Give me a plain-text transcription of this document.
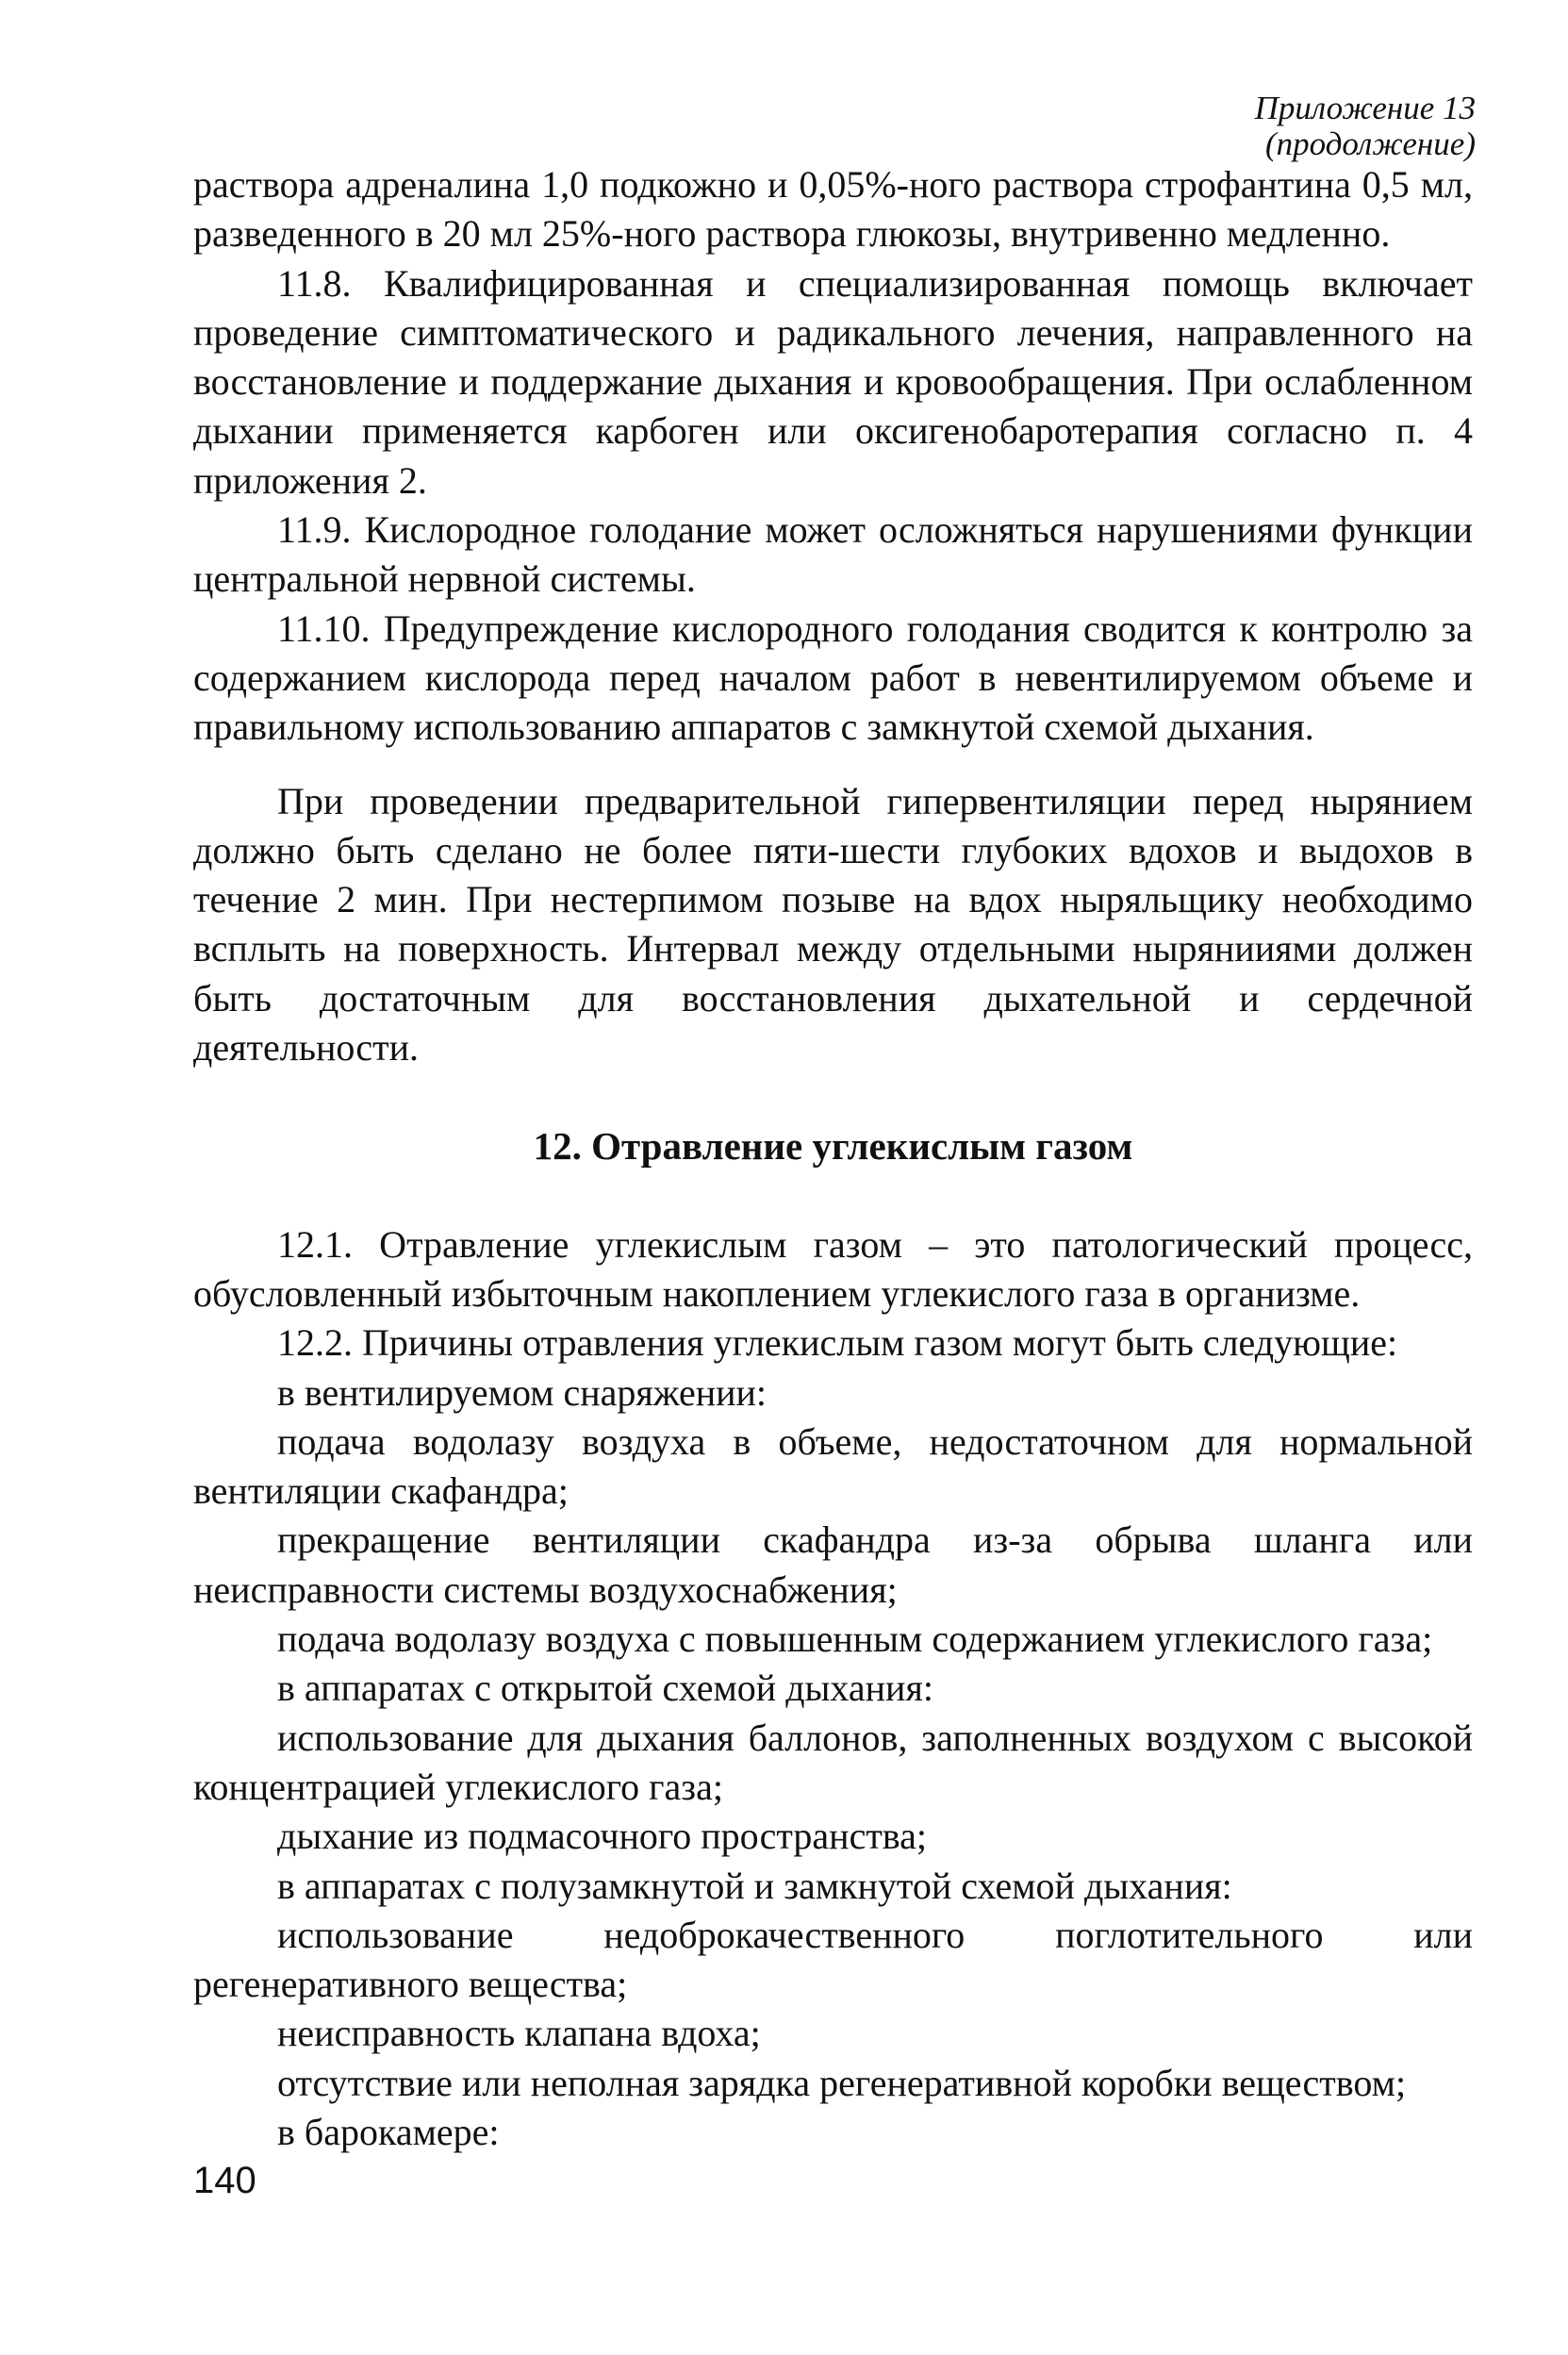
Приложение 13
(продолжение)

раствора адреналина 1,0 подкожно и 0,05%-ного раствора строфантина 0,5 мл, разведенного в 20 мл 25%-ного раствора глюкозы, внутривенно медленно.

11.8. Квалифицированная и специализированная помощь включает проведение симптоматического и радикального лечения, направленного на восстановление и поддержание дыхания и кровообращения. При ослабленном дыхании применяется карбоген или оксигенобаротерапия согласно п. 4 приложения 2.

11.9. Кислородное голодание может осложняться нарушениями функции центральной нервной системы.

11.10. Предупреждение кислородного голодания сводится к контролю за содержанием кислорода перед началом работ в невентилируемом объеме и правильному использованию аппаратов с замкнутой схемой дыхания.

При проведении предварительной гипервентиляции перед нырянием должно быть сделано не более пяти-шести глубоких вдохов и выдохов в течение 2 мин. При нестерпимом позыве на вдох ныряльщику необходимо всплыть на поверхность. Интервал между отдельными нырянииями должен быть достаточным для восстановления дыхательной и сердечной деятельности.

12. Отравление углекислым газом

12.1. Отравление углекислым газом – это патологический процесс, обусловленный избыточным накоплением углекислого газа в организме.

12.2. Причины отравления углекислым газом могут быть следующие:

в вентилируемом снаряжении:

подача водолазу воздуха в объеме, недостаточном для нормальной вентиляции скафандра;

прекращение вентиляции скафандра из-за обрыва шланга или неисправности системы воздухоснабжения;

подача водолазу воздуха с повышенным содержанием углекислого газа;

в аппаратах с открытой схемой дыхания:

использование для дыхания баллонов, заполненных воздухом с высокой концентрацией углекислого газа;

дыхание из подмасочного пространства;

в аппаратах с полузамкнутой и замкнутой схемой дыхания:

использование недоброкачественного поглотительного или регенеративного вещества;

неисправность клапана вдоха;

отсутствие или неполная зарядка регенеративной коробки веществом;

в барокамере:

140
